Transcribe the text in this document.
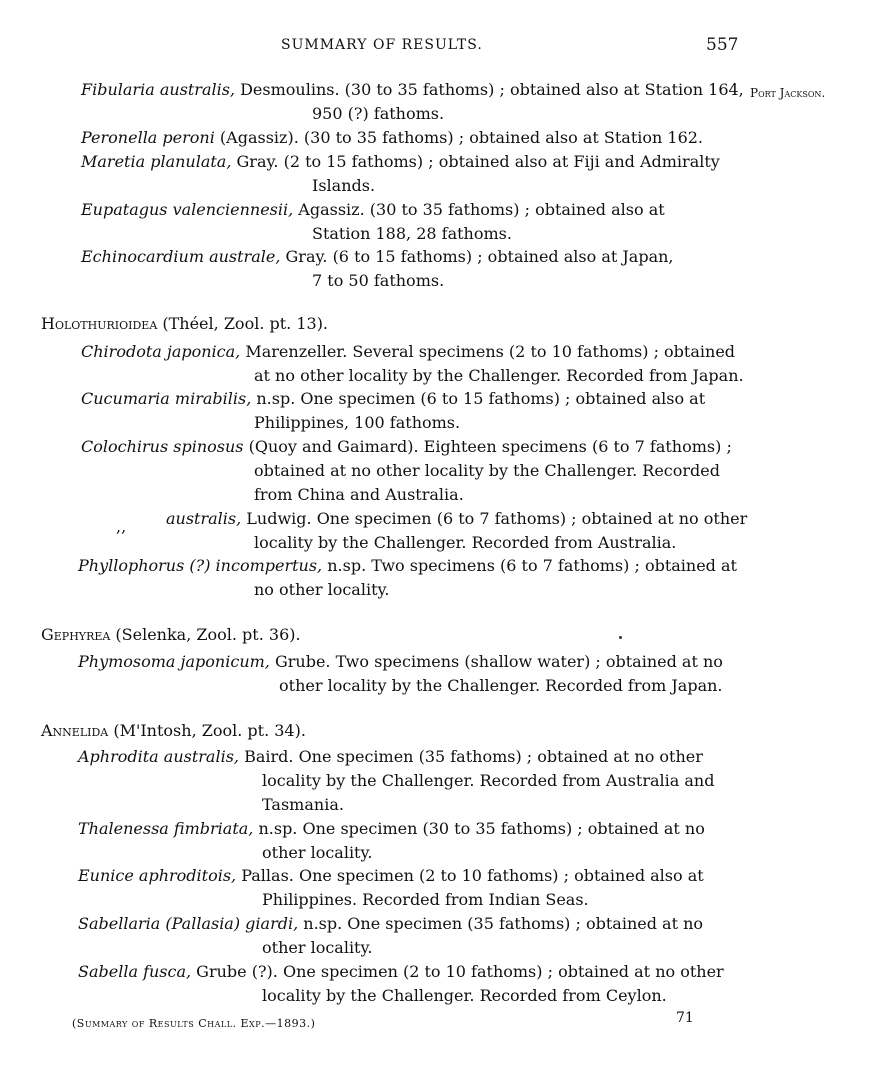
SUMMARY OF RESULTS.	557
Port Jackson.
Fibularia australis, Desmoulins. (30 to 35 fathoms) ; obtained also at Station 164,
950 (?) fathoms.
Peronella peroni (Agassiz). (30 to 35 fathoms) ; obtained also at Station 162.
Maretia planulata, Gray. (2 to 15 fathoms) ; obtained also at Fiji and Admiralty
Islands.
Eupatagus valenciennesii, Agassiz. (30 to 35 fathoms) ; obtained also at
Station 188, 28 fathoms.
Echinocardium australe, Gray. (6 to 15 fathoms) ; obtained also at Japan,
7 to 50 fathoms.
Holothurioidea (Théel, Zool. pt. 13).
Chirodota japonica, Marenzeller. Several specimens (2 to 10 fathoms) ; obtained
at no other locality by the Challenger. Recorded from Japan.
Cucumaria mirabilis, n.sp. One specimen (6 to 15 fathoms) ; obtained also at
Philippines, 100 fathoms.
Colochirus spinosus (Quoy and Gaimard). Eighteen specimens (6 to 7 fathoms) ;
obtained at no other locality by the Challenger. Recorded
from China and Australia.
,, australis, Ludwig. One specimen (6 to 7 fathoms) ; obtained at no other
locality by the Challenger. Recorded from Australia.
Phyllophorus (?) incompertus, n.sp. Two specimens (6 to 7 fathoms) ; obtained at
no other locality.
Gephyrea (Selenka, Zool. pt. 36).
Phymosoma japonicum, Grube. Two specimens (shallow water) ; obtained at no
other locality by the Challenger. Recorded from Japan.
Annelida (M'Intosh, Zool. pt. 34).
Aphrodita australis, Baird. One specimen (35 fathoms) ; obtained at no other
locality by the Challenger. Recorded from Australia and
Tasmania.
Thalenessa fimbriata, n.sp. One specimen (30 to 35 fathoms) ; obtained at no
other locality.
Eunice aphroditois, Pallas. One specimen (2 to 10 fathoms) ; obtained also at
Philippines. Recorded from Indian Seas.
Sabellaria (Pallasia) giardi, n.sp. One specimen (35 fathoms) ; obtained at no
other locality.
Sabella fusca, Grube (?). One specimen (2 to 10 fathoms) ; obtained at no other
locality by the Challenger. Recorded from Ceylon.
(Summary of Results Chall. Exp.—1893.)	71
